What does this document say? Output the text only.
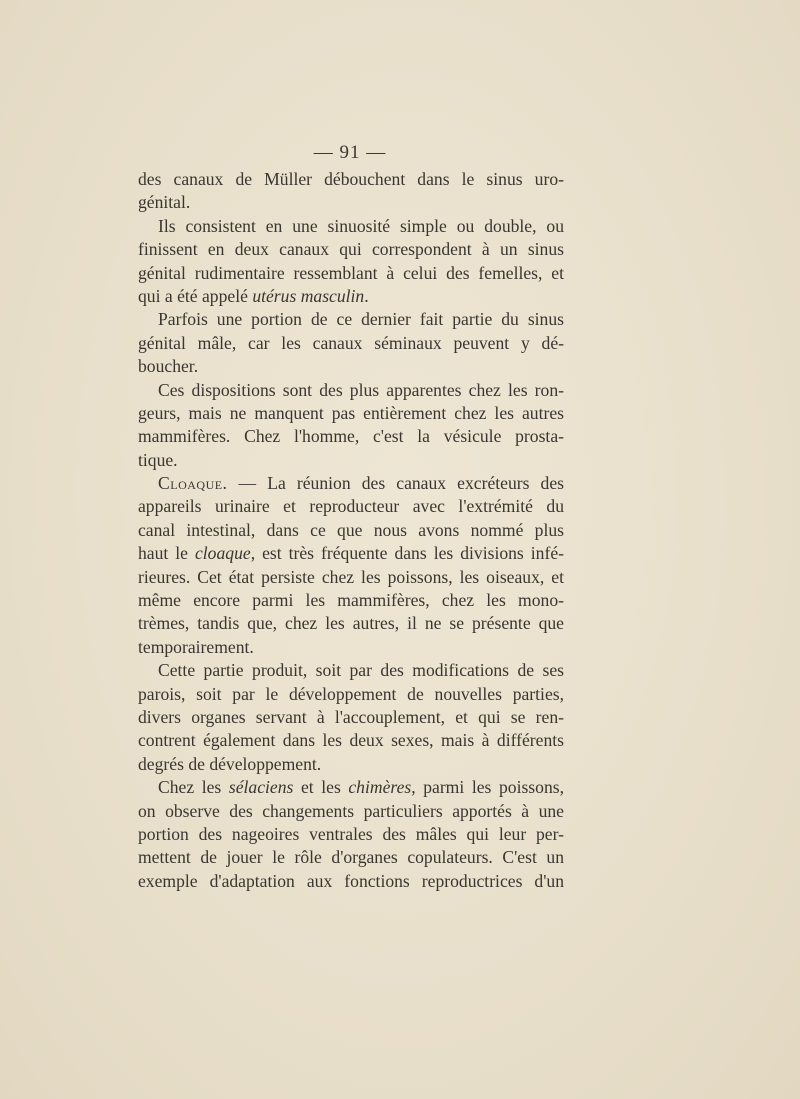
— 91 —
des canaux de Müller débouchent dans le sinus uro-
génital.
Ils consistent en une sinuosité simple ou double, ou
finissent en deux canaux qui correspondent à un sinus
génital rudimentaire ressemblant à celui des femelles, et
qui a été appelé utérus masculin.
Parfois une portion de ce dernier fait partie du sinus
génital mâle, car les canaux séminaux peuvent y dé-
boucher.
Ces dispositions sont des plus apparentes chez les ron-
geurs, mais ne manquent pas entièrement chez les autres
mammifères. Chez l'homme, c'est la vésicule prosta-
tique.
Cloaque. — La réunion des canaux excréteurs des
appareils urinaire et reproducteur avec l'extrémité du
canal intestinal, dans ce que nous avons nommé plus
haut le cloaque, est très fréquente dans les divisions infé-
rieures. Cet état persiste chez les poissons, les oiseaux, et
même encore parmi les mammifères, chez les mono-
trèmes, tandis que, chez les autres, il ne se présente que
temporairement.
Cette partie produit, soit par des modifications de ses
parois, soit par le développement de nouvelles parties,
divers organes servant à l'accouplement, et qui se ren-
contrent également dans les deux sexes, mais à différents
degrés de développement.
Chez les sélaciens et les chimères, parmi les poissons,
on observe des changements particuliers apportés à une
portion des nageoires ventrales des mâles qui leur per-
mettent de jouer le rôle d'organes copulateurs. C'est un
exemple d'adaptation aux fonctions reproductrices d'un
